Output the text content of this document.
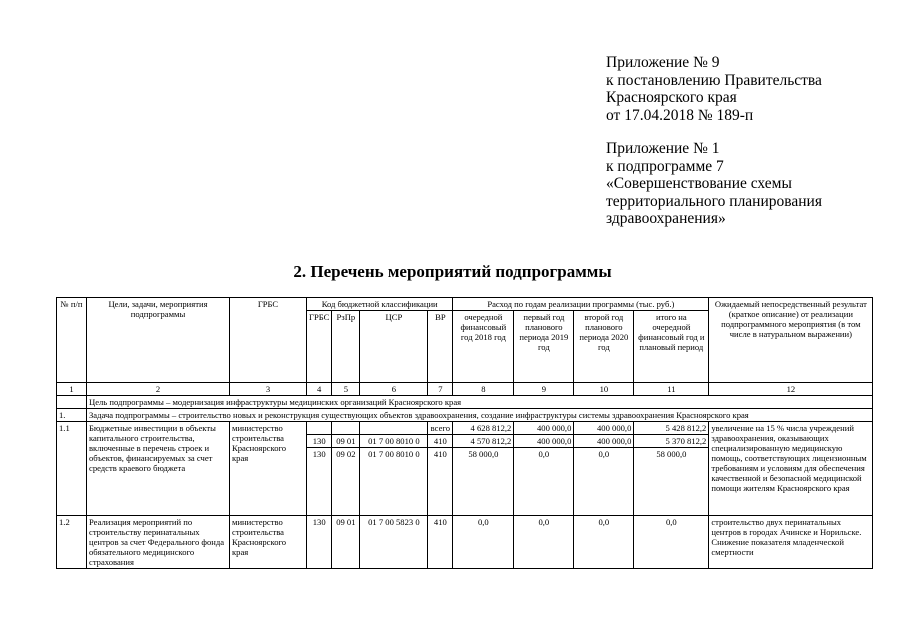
Приложение № 9
к постановлению Правительства
Красноярского края
от 17.04.2018 № 189-п
Приложение № 1
к подпрограмме 7
«Совершенствование схемы
территориального планирования
здравоохранения»
2. Перечень мероприятий подпрограммы
№ п/п	Цели, задачи, мероприятия подпрограммы	ГРБС	Код бюджетной классификации				Расход по годам реализации программы (тыс. руб.)				Ожидаемый непосредственный результат (краткое описание) от реализации подпрограммного мероприятия (в том числе в натуральном выражении)
			ГРБС	РзПр	ЦСР	ВР	очередной финансовый год 2018 год	первый год планового периода 2019 год	второй год планового периода 2020 год	итого на очередной финансовый год и плановый период	
1	2	3	4	5	6	7	8	9	10	11	12
	Цель подпрограммы – модернизация инфраструктуры медицинских организаций Красноярского края										
1.	Задача подпрограммы – строительство новых и реконструкция существующих объектов здравоохранения, создание инфраструктуры системы здравоохранения Красноярского края										
1.1	Бюджетные инвестиции в объекты капитального строительства, включенные в перечень строек и объектов, финансируемых за счет средств краевого бюджета	министерство строительства Красноярского края				всего	4 628 812,2	400 000,0	400 000,0	5 428 812,2	увеличение на 15 % числа учреждений здравоохранения, оказывающих специализированную медицинскую помощь, соответствующих лицензионным требованиям и условиям для обеспечения качественной и безопасной медицинской помощи жителям Красноярского края
			130	09 01	01 7 00 8010 0	410	4 570 812,2	400 000,0	400 000,0	5 370 812,2	
			130	09 02	01 7 00 8010 0	410	58 000,0	0,0	0,0	58 000,0	
1.2	Реализация мероприятий по строительству перинатальных центров за счет Федерального фонда обязательного медицинского страхования	министерство строительства Красноярского края	130	09 01	01 7 00 5823 0	410	0,0	0,0	0,0	0,0	строительство двух перинатальных центров в городах Ачинске и Норильске.
Снижение показателя младенческой смертности
